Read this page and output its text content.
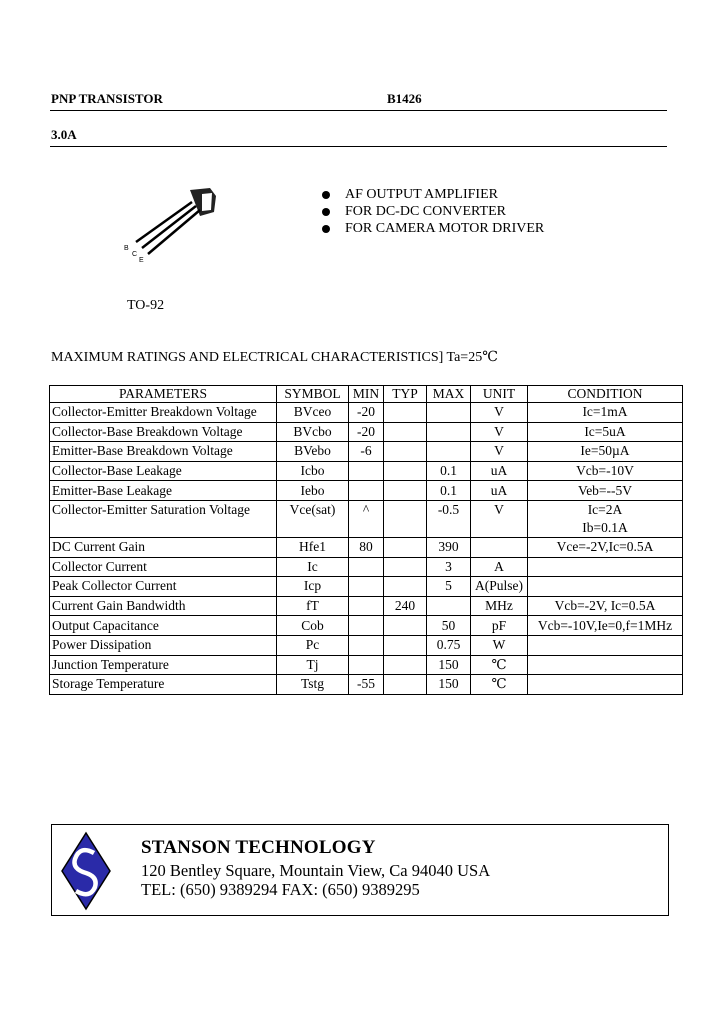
PNP TRANSISTOR	B1426
3.0A
B
C
E
TO-92
AF OUTPUT AMPLIFIER
FOR DC-DC CONVERTER
FOR CAMERA MOTOR DRIVER
MAXIMUM RATINGS AND ELECTRICAL CHARACTERISTICS] Ta=25℃
PARAMETERS	SYMBOL	MIN	TYP	MAX	UNIT	CONDITION
Collector-Emitter Breakdown Voltage	BVceo	-20			V	Ic=1mA
Collector-Base Breakdown Voltage	BVcbo	-20			V	Ic=5uA
Emitter-Base Breakdown Voltage	BVebo	-6			V	Ie=50µA
Collector-Base Leakage	Icbo			0.1	uA	Vcb=-10V
Emitter-Base Leakage	Iebo			0.1	uA	Veb=--5V
Collector-Emitter Saturation Voltage	Vce(sat)	^		-0.5	V	Ic=2A
Ib=0.1A

DC Current Gain	Hfe1	80		390		Vce=-2V,Ic=0.5A
Collector Current	Ic			3	A	
Peak Collector Current	Icp			5	A(Pulse)	
Current Gain Bandwidth	fT		240		MHz	Vcb=-2V, Ic=0.5A
Output Capacitance	Cob			50	pF	Vcb=-10V,Ie=0,f=1MHz
Power Dissipation	Pc			0.75	W	
Junction Temperature	Tj			150	℃	
Storage Temperature	Tstg	-55		150	℃	
STANSON TECHNOLOGY
120 Bentley Square, Mountain View, Ca 94040 USA
TEL: (650) 9389294 FAX: (650) 9389295
